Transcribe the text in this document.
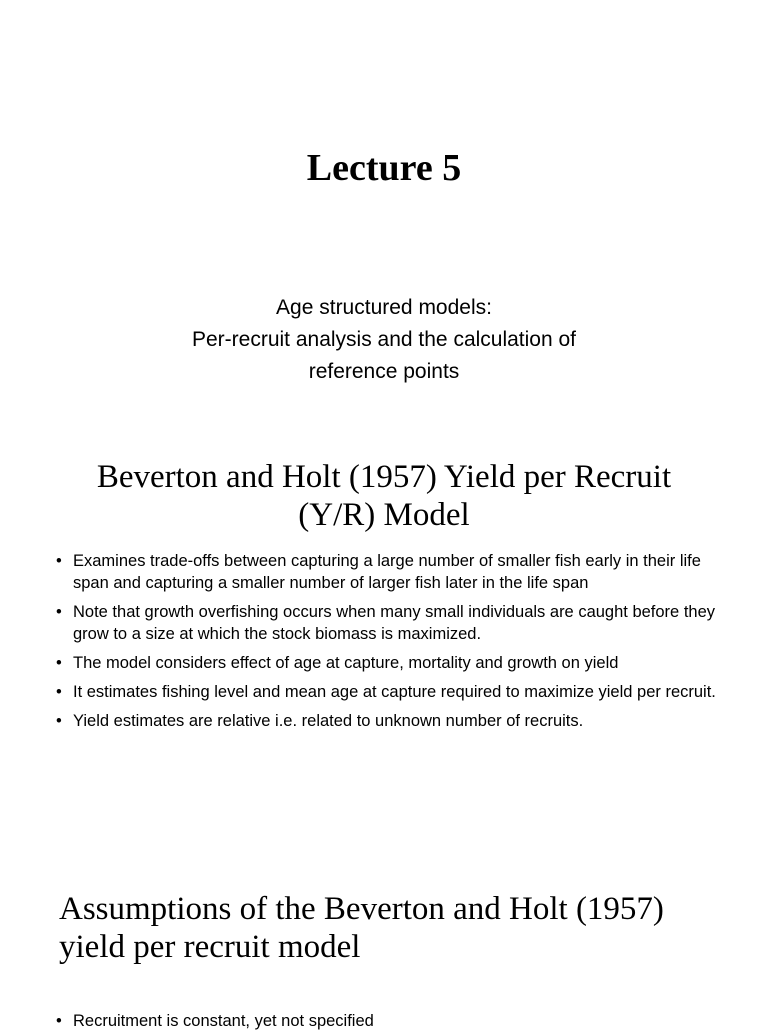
Lecture 5
Age structured models:
Per-recruit analysis and the calculation of
reference points
Beverton and Holt (1957) Yield per Recruit
(Y/R) Model
• Examines trade-offs between capturing a large number of smaller fish early in their life span and capturing a smaller number of larger fish later in the life span
• Note that growth overfishing occurs when many small individuals are caught before they grow to a size at which the stock biomass is maximized.
• The model considers effect of age at capture, mortality and growth on yield
• It estimates fishing level and mean age at capture required to maximize yield per recruit.
• Yield estimates are relative i.e. related to unknown number of recruits.
Assumptions of the Beverton and Holt (1957)
yield per recruit model
• Recruitment is constant, yet not specified
